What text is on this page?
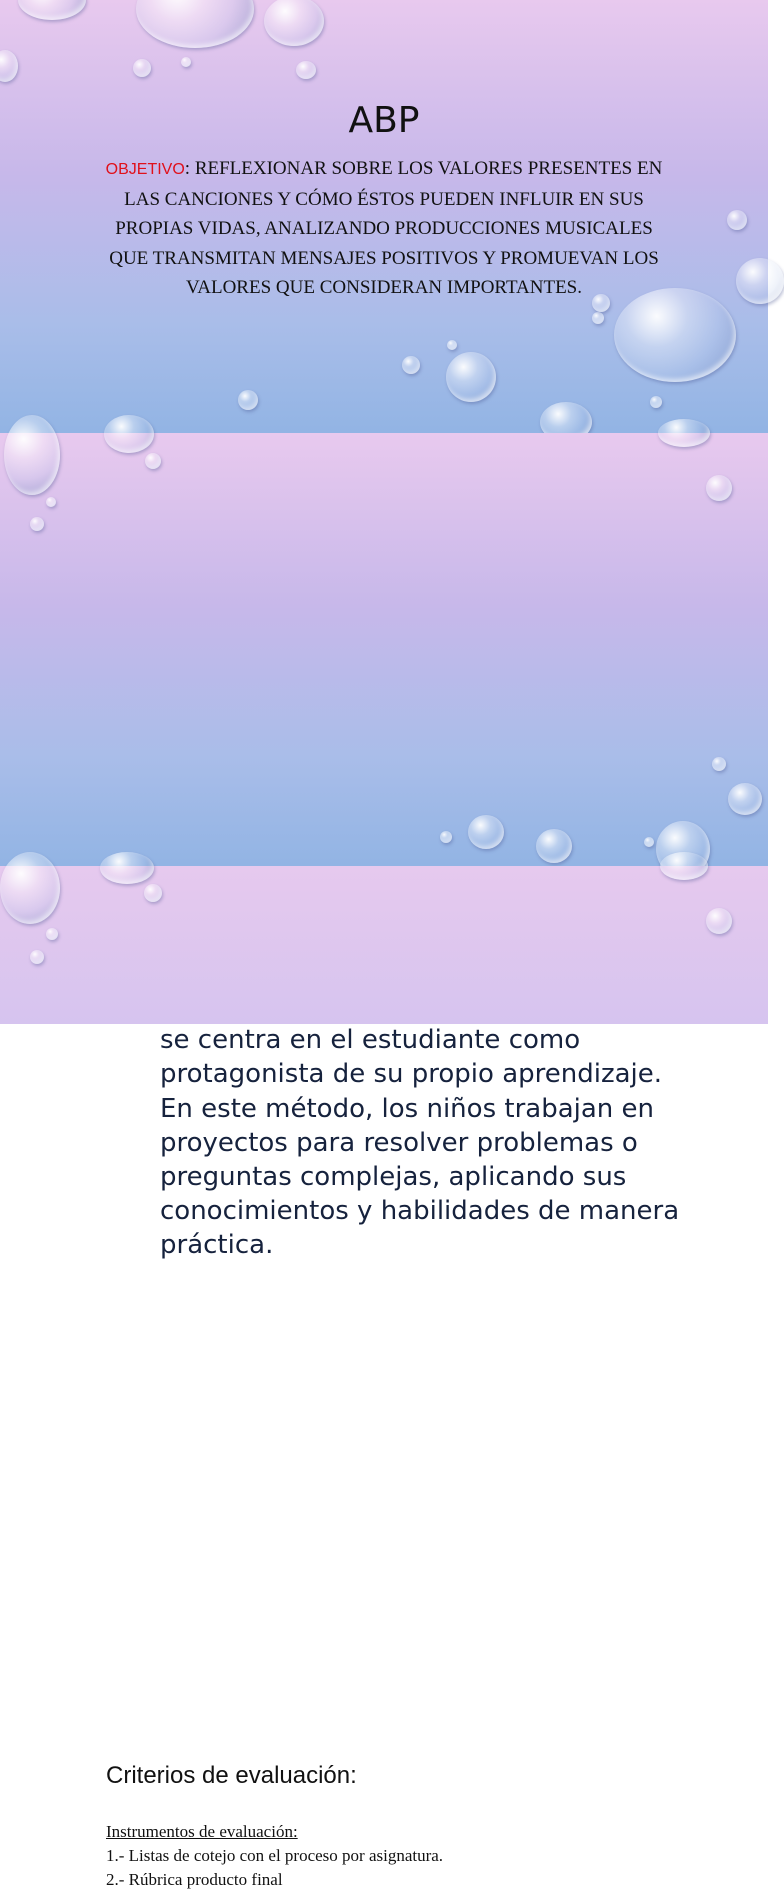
ABP
OBJETIVO: REFLEXIONAR SOBRE LOS VALORES PRESENTES EN LAS CANCIONES Y CÓMO ÉSTOS PUEDEN INFLUIR EN SUS PROPIAS VIDAS, ANALIZANDO PRODUCCIONES MUSICALES QUE TRANSMITAN MENSAJES POSITIVOS Y PROMUEVAN LOS VALORES QUE CONSIDERAN IMPORTANTES.
se centra en el estudiante como protagonista de su propio aprendizaje. En este método, los niños trabajan en proyectos para resolver problemas o preguntas complejas, aplicando sus conocimientos y habilidades de manera práctica.
Criterios de evaluación:
Instrumentos de evaluación:
1.- Listas de cotejo con el proceso por asignatura.
2.- Rúbrica producto final
